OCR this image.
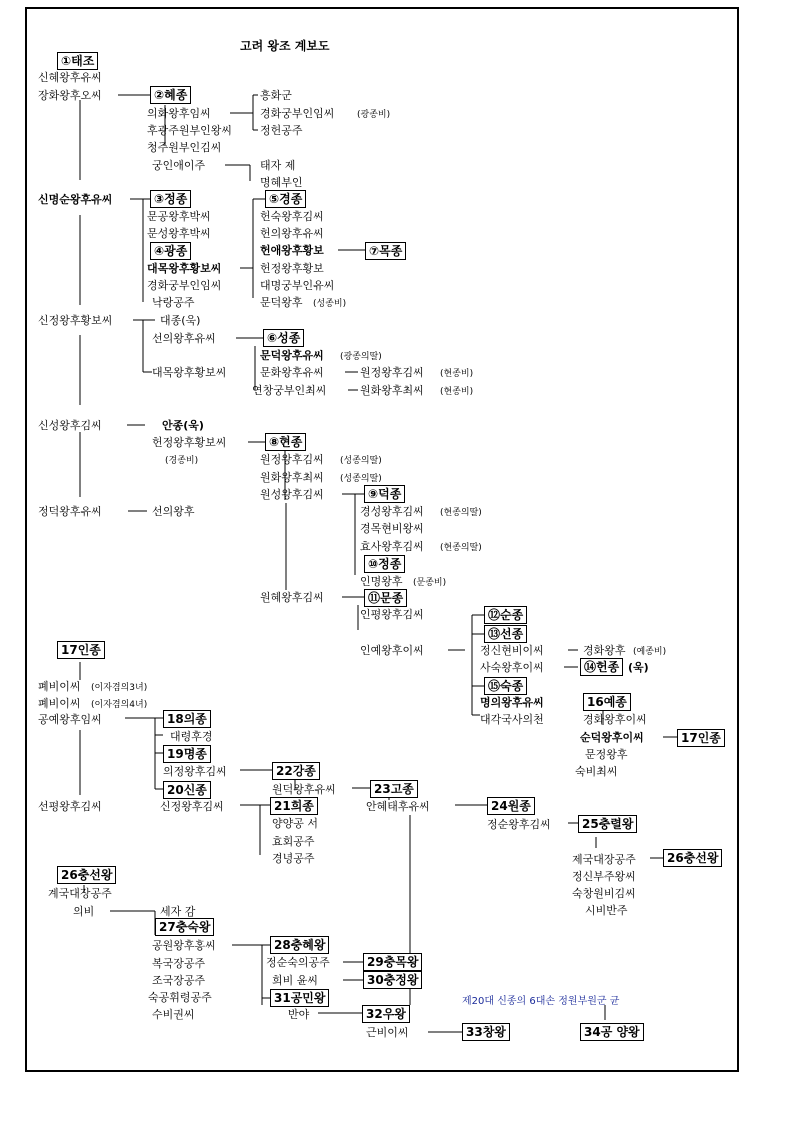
고려 왕조 계보도
제20대 신종의 6대손 정원부원군 균
①태조
②혜종
③정종
④광종
⑤경종
⑥성종
⑦목종
⑧현종
⑨덕종
⑩정종
⑪문종
⑫순종
⑬선종
⑭헌종
⑮숙종
16예종
17인종
17인종
18의종
19명종
20신종
21희종
22강종
23고종
24원종
25충렬왕
26충선왕
26충선왕
27충숙왕
28충혜왕
29충목왕
30충정왕
31공민왕
32우왕
33창왕	34공 양왕
신혜왕후유씨
장화왕후오씨
의화왕후임씨
후광주원부인왕씨
청주원부인김씨
궁인애이주
흥화군
경화궁부인임씨	(광종비)
정헌공주
태자 제
명혜부인
신명순왕후유씨
문공왕후박씨
문성왕후박씨
대목왕후황보씨
경화궁부인임씨
낙랑공주
헌숙왕후김씨
헌의왕후유씨
헌애왕후황보
헌정왕후황보
대명궁부인유씨
문덕왕후 (성종비)
신정왕후황보씨	대종(욱)
선의왕후유씨
대목왕후황보씨
문덕왕후유씨 (광종의딸)
문화왕후유씨	원정왕후김씨 (현종비)
연창궁부인최씨	원화왕후최씨 (현종비)
신성왕후김씨	안종(욱)
헌정왕후황보씨
(경종비)	원정왕후김씨 (성종의딸)
원화왕후최씨 (성종의딸)
원성왕후김씨
정덕왕후유씨	선의왕후	경성왕후김씨 (현종의딸)
경목현비왕씨
효사왕후김씨 (현종의딸)
인명왕후 (문종비)
원혜왕후김씨
인평왕후김씨
인예왕후이씨	정신현비이씨	경화왕후 (예종비)
사숙왕후이씨	(욱)
명의왕후유씨
대각국사의천	경화왕후이씨
순덕왕후이씨
문정왕후
숙비최씨
폐비이씨 (이자겸의3녀)
폐비이씨 (이자겸의4녀)
공예왕후임씨
대령후경
의정왕후김씨
선평왕후김씨	신정왕후김씨
원덕왕후유씨
안혜태후유씨
양양공 서
효회공주
경녕공주
정순왕후김씨
제국대장공주
정신부주왕씨
숙창원비김씨
시비반주
계국대장공주
의비	세자 감
공원왕후홍씨
복국장공주
조국장공주
숙공휘령공주
수비권씨
정순숙의공주
희비 윤씨
반야
근비이씨
